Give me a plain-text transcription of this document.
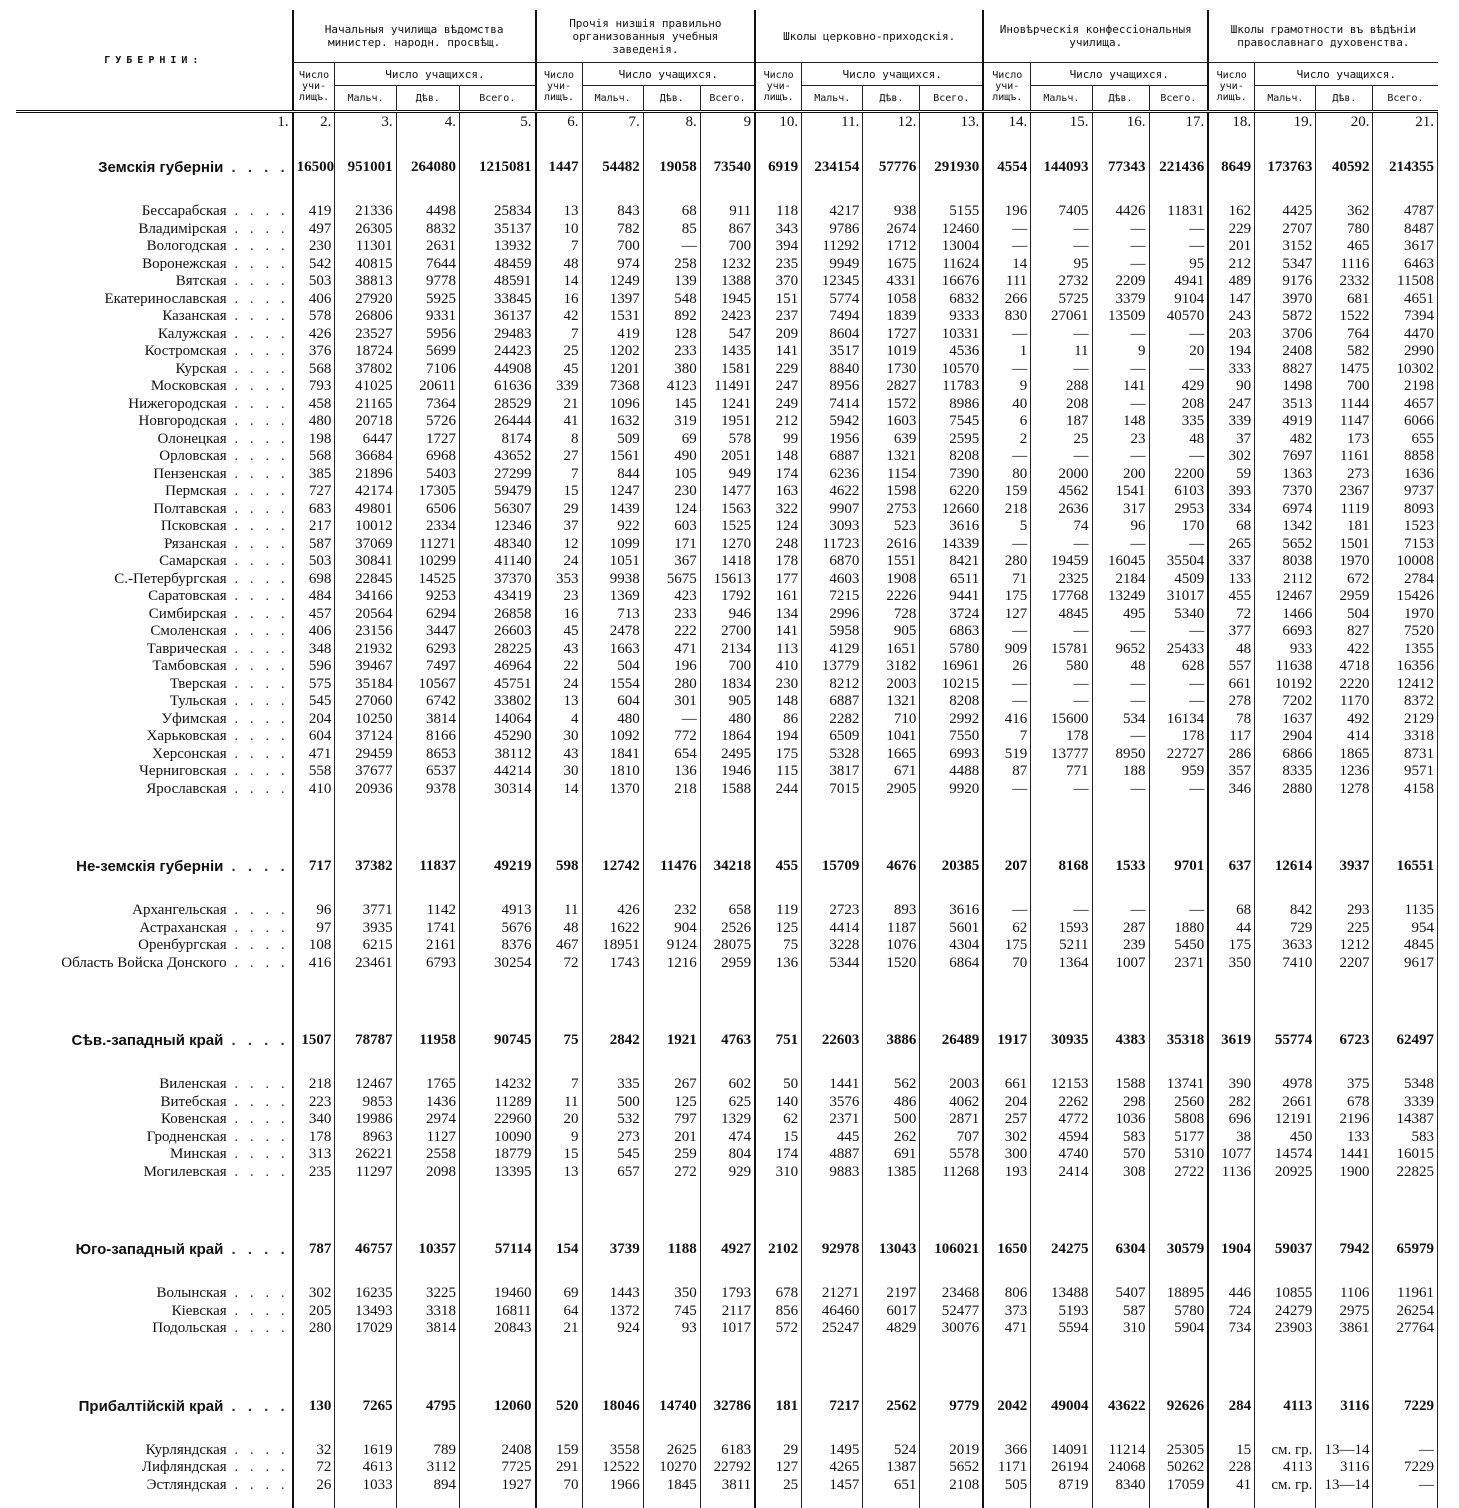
ГУБЕРНІИ:	Начальныя училища вѣдомства министер. народн. просвѣщ.				Прочія низшія правильно организованныя учебныя заведенія.				Школы церковно-приходскія.				Иновѣрческія конфессіональныя училища.				Школы грамотности въ вѣдѣніи православнаго духовенства.			
	Число учи- лищъ.	Число учащихся.			Число учи- лищъ.	Число учащихся.			Число учи- лищъ.	Число учащихся.			Число учи- лищъ.	Число учащихся.			Число учи- лищъ.	Число учащихся.		
		Мальч.	Дѣв.	Всего.		Мальч.	Дѣв.	Всего.		Мальч.	Дѣв.	Всего.		Мальч.	Дѣв.	Всего.		Мальч.	Дѣв.	Всего.
1.	2.	3.	4.	5.	6.	7.	8.	9	10.	11.	12.	13.	14.	15.	16.	17.	18.	19.	20.	21.

Земскія губерніи . . . .	16500	951001	264080	1215081	1447	54482	19058	73540	6919	234154	57776	291930	4554	144093	77343	221436	8649	173763	40592	214355

Бессарабская . . . .	419	21336	4498	25834	13	843	68	911	118	4217	938	5155	196	7405	4426	11831	162	4425	362	4787
Владимірская . . . .	497	26305	8832	35137	10	782	85	867	343	9786	2674	12460	—	—	—	—	229	2707	780	8487
Вологодская . . . .	230	11301	2631	13932	7	700	—	700	394	11292	1712	13004	—	—	—	—	201	3152	465	3617
Воронежская . . . .	542	40815	7644	48459	48	974	258	1232	235	9949	1675	11624	14	95	—	95	212	5347	1116	6463
Вятская . . . .	503	38813	9778	48591	14	1249	139	1388	370	12345	4331	16676	111	2732	2209	4941	489	9176	2332	11508
Екатеринославская . . . .	406	27920	5925	33845	16	1397	548	1945	151	5774	1058	6832	266	5725	3379	9104	147	3970	681	4651
Казанская . . . .	578	26806	9331	36137	42	1531	892	2423	237	7494	1839	9333	830	27061	13509	40570	243	5872	1522	7394
Калужская . . . .	426	23527	5956	29483	7	419	128	547	209	8604	1727	10331	—	—	—	—	203	3706	764	4470
Костромская . . . .	376	18724	5699	24423	25	1202	233	1435	141	3517	1019	4536	1	11	9	20	194	2408	582	2990
Курская . . . .	568	37802	7106	44908	45	1201	380	1581	229	8840	1730	10570	—	—	—	—	333	8827	1475	10302
Московская . . . .	793	41025	20611	61636	339	7368	4123	11491	247	8956	2827	11783	9	288	141	429	90	1498	700	2198
Нижегородская . . . .	458	21165	7364	28529	21	1096	145	1241	249	7414	1572	8986	40	208	—	208	247	3513	1144	4657
Новгородская . . . .	480	20718	5726	26444	41	1632	319	1951	212	5942	1603	7545	6	187	148	335	339	4919	1147	6066
Олонецкая . . . .	198	6447	1727	8174	8	509	69	578	99	1956	639	2595	2	25	23	48	37	482	173	655
Орловская . . . .	568	36684	6968	43652	27	1561	490	2051	148	6887	1321	8208	—	—	—	—	302	7697	1161	8858
Пензенская . . . .	385	21896	5403	27299	7	844	105	949	174	6236	1154	7390	80	2000	200	2200	59	1363	273	1636
Пермская . . . .	727	42174	17305	59479	15	1247	230	1477	163	4622	1598	6220	159	4562	1541	6103	393	7370	2367	9737
Полтавская . . . .	683	49801	6506	56307	29	1439	124	1563	322	9907	2753	12660	218	2636	317	2953	334	6974	1119	8093
Псковская . . . .	217	10012	2334	12346	37	922	603	1525	124	3093	523	3616	5	74	96	170	68	1342	181	1523
Рязанская . . . .	587	37069	11271	48340	12	1099	171	1270	248	11723	2616	14339	—	—	—	—	265	5652	1501	7153
Самарская . . . .	503	30841	10299	41140	24	1051	367	1418	178	6870	1551	8421	280	19459	16045	35504	337	8038	1970	10008
С.-Петербургская . . . .	698	22845	14525	37370	353	9938	5675	15613	177	4603	1908	6511	71	2325	2184	4509	133	2112	672	2784
Саратовская . . . .	484	34166	9253	43419	23	1369	423	1792	161	7215	2226	9441	175	17768	13249	31017	455	12467	2959	15426
Симбирская . . . .	457	20564	6294	26858	16	713	233	946	134	2996	728	3724	127	4845	495	5340	72	1466	504	1970
Смоленская . . . .	406	23156	3447	26603	45	2478	222	2700	141	5958	905	6863	—	—	—	—	377	6693	827	7520
Таврическая . . . .	348	21932	6293	28225	43	1663	471	2134	113	4129	1651	5780	909	15781	9652	25433	48	933	422	1355
Тамбовская . . . .	596	39467	7497	46964	22	504	196	700	410	13779	3182	16961	26	580	48	628	557	11638	4718	16356
Тверская . . . .	575	35184	10567	45751	24	1554	280	1834	230	8212	2003	10215	—	—	—	—	661	10192	2220	12412
Тульская . . . .	545	27060	6742	33802	13	604	301	905	148	6887	1321	8208	—	—	—	—	278	7202	1170	8372
Уфимская . . . .	204	10250	3814	14064	4	480	—	480	86	2282	710	2992	416	15600	534	16134	78	1637	492	2129
Харьковская . . . .	604	37124	8166	45290	30	1092	772	1864	194	6509	1041	7550	7	178	—	178	117	2904	414	3318
Херсонская . . . .	471	29459	8653	38112	43	1841	654	2495	175	5328	1665	6993	519	13777	8950	22727	286	6866	1865	8731
Черниговская . . . .	558	37677	6537	44214	30	1810	136	1946	115	3817	671	4488	87	771	188	959	357	8335	1236	9571
Ярославская . . . .	410	20936	9378	30314	14	1370	218	1588	244	7015	2905	9920	—	—	—	—	346	2880	1278	4158

Не-земскія губерніи . . . .	717	37382	11837	49219	598	12742	11476	34218	455	15709	4676	20385	207	8168	1533	9701	637	12614	3937	16551

Архангельская . . . .	96	3771	1142	4913	11	426	232	658	119	2723	893	3616	—	—	—	—	68	842	293	1135
Астраханская . . . .	97	3935	1741	5676	48	1622	904	2526	125	4414	1187	5601	62	1593	287	1880	44	729	225	954
Оренбургская . . . .	108	6215	2161	8376	467	18951	9124	28075	75	3228	1076	4304	175	5211	239	5450	175	3633	1212	4845
Область Войска Донского . . . .	416	23461	6793	30254	72	1743	1216	2959	136	5344	1520	6864	70	1364	1007	2371	350	7410	2207	9617

Сѣв.-западный край . . . .	1507	78787	11958	90745	75	2842	1921	4763	751	22603	3886	26489	1917	30935	4383	35318	3619	55774	6723	62497

Виленская . . . .	218	12467	1765	14232	7	335	267	602	50	1441	562	2003	661	12153	1588	13741	390	4978	375	5348
Витебская . . . .	223	9853	1436	11289	11	500	125	625	140	3576	486	4062	204	2262	298	2560	282	2661	678	3339
Ковенская . . . .	340	19986	2974	22960	20	532	797	1329	62	2371	500	2871	257	4772	1036	5808	696	12191	2196	14387
Гродненская . . . .	178	8963	1127	10090	9	273	201	474	15	445	262	707	302	4594	583	5177	38	450	133	583
Минская . . . .	313	26221	2558	18779	15	545	259	804	174	4887	691	5578	300	4740	570	5310	1077	14574	1441	16015
Могилевская . . . .	235	11297	2098	13395	13	657	272	929	310	9883	1385	11268	193	2414	308	2722	1136	20925	1900	22825

Юго-западный край . . . .	787	46757	10357	57114	154	3739	1188	4927	2102	92978	13043	106021	1650	24275	6304	30579	1904	59037	7942	65979

Волынская . . . .	302	16235	3225	19460	69	1443	350	1793	678	21271	2197	23468	806	13488	5407	18895	446	10855	1106	11961
Кіевская . . . .	205	13493	3318	16811	64	1372	745	2117	856	46460	6017	52477	373	5193	587	5780	724	24279	2975	26254
Подольская . . . .	280	17029	3814	20843	21	924	93	1017	572	25247	4829	30076	471	5594	310	5904	734	23903	3861	27764

Прибалтійскій край . . . .	130	7265	4795	12060	520	18046	14740	32786	181	7217	2562	9779	2042	49004	43622	92626	284	4113	3116	7229

Курляндская . . . .	32	1619	789	2408	159	3558	2625	6183	29	1495	524	2019	366	14091	11214	25305	15	см. гр.	13—14	—
Лифляндская . . . .	72	4613	3112	7725	291	12522	10270	22792	127	4265	1387	5652	1171	26194	24068	50262	228	4113	3116	7229
Эстляндская . . . .	26	1033	894	1927	70	1966	1845	3811	25	1457	651	2108	505	8719	8340	17059	41	см. гр.	13—14	—
